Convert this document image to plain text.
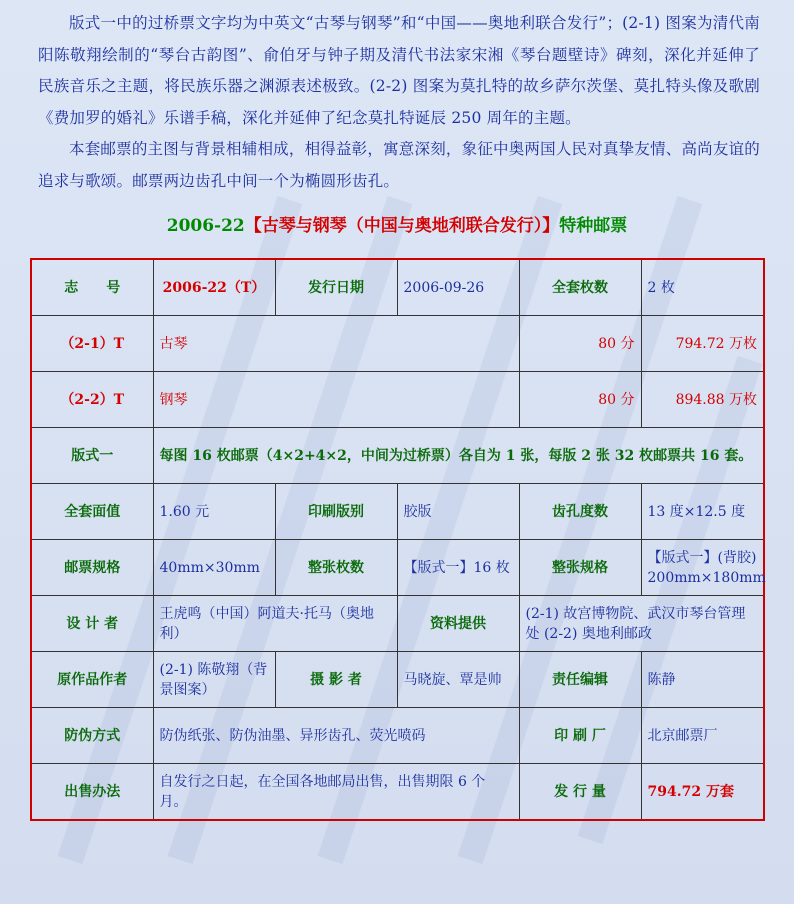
版式一中的过桥票文字均为中英文“古琴与钢琴”和“中国——奥地利联合发行”；(2-1) 图案为清代南阳陈敬翔绘制的“琴台古韵图”、俞伯牙与钟子期及清代书法家宋湘《琴台题壁诗》碑刻，深化并延伸了民族音乐之主题，将民族乐器之渊源表述极致。(2-2) 图案为莫扎特的故乡萨尔茨堡、莫扎特头像及歌剧《费加罗的婚礼》乐谱手稿，深化并延伸了纪念莫扎特诞辰 250 周年的主题。

本套邮票的主图与背景相辅相成，相得益彰，寓意深刻，象征中奥两国人民对真挚友情、高尚友谊的追求与歌颂。邮票两边齿孔中间一个为椭圆形齿孔。

2006-22【古琴与钢琴（中国与奥地利联合发行）】特种邮票
志　　号	2006-22（T）	发行日期	2006-09-26	全套枚数	2 枚
（2-1）T	古琴			80 分	794.72 万枚
（2-2）T	钢琴			80 分	894.88 万枚
版式一	每图 16 枚邮票（4×2+4×2，中间为过桥票）各自为 1 张，每版 2 张 32 枚邮票共 16 套。				
全套面值	1.60 元	印刷版别	胶版	齿孔度数	13 度×12.5 度
邮票规格	40mm×30mm	整张枚数	【版式一】16 枚	整张规格	【版式一】(背胶) 200mm×180mm
设 计 者	王虎鸣（中国）阿道夫·托马（奥地利）		资料提供	(2-1) 故宫博物院、武汉市琴台管理处 (2-2) 奥地利邮政	
原作品作者	(2-1) 陈敬翔（背景图案）	摄 影 者	马晓旋、覃是帅	责任编辑	陈静
防伪方式	防伪纸张、防伪油墨、异形齿孔、荧光喷码			印 刷 厂	北京邮票厂
出售办法	自发行之日起，在全国各地邮局出售，出售期限 6 个月。			发 行 量	794.72 万套
